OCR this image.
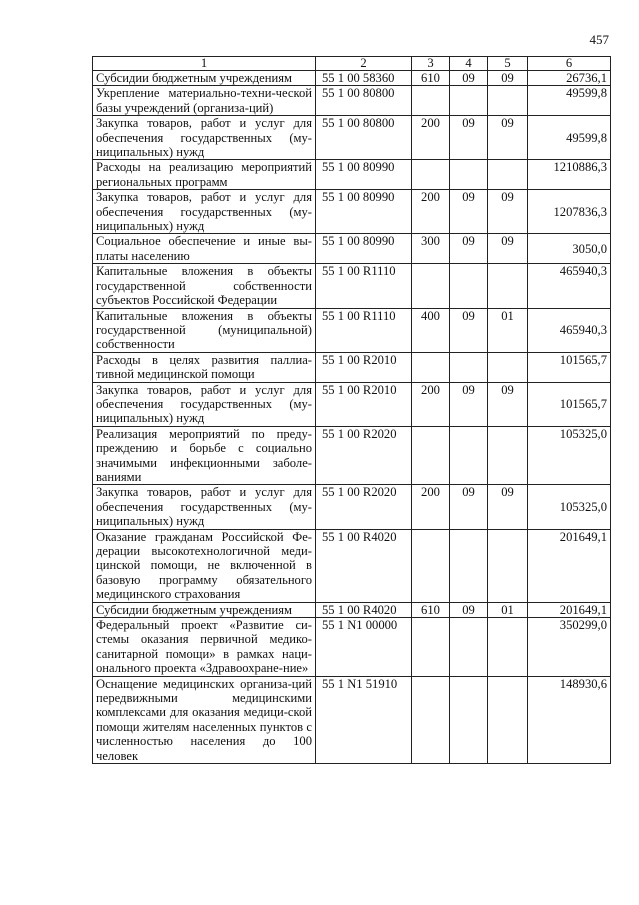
457
1	2	3	4	5	6
Субсидии бюджетным учреждениям	55 1 00 58360	610	09	09	26736,1
Укрепление материально-техни-ческой базы учреждений (организа-ций)	55 1 00 80800				49599,8
Закупка товаров, работ и услуг для обеспечения государственных (му-ниципальных) нужд	55 1 00 80800	200	09	09	49599,8
Расходы на реализацию мероприятий региональных программ	55 1 00 80990				1210886,3
Закупка товаров, работ и услуг для обеспечения государственных (му-ниципальных) нужд	55 1 00 80990	200	09	09	1207836,3
Социальное обеспечение и иные вы-платы населению	55 1 00 80990	300	09	09	3050,0
Капитальные вложения в объекты государственной собственности субъектов Российской Федерации	55 1 00 R1110				465940,3
Капитальные вложения в объекты государственной (муниципальной) собственности	55 1 00 R1110	400	09	01	465940,3
Расходы в целях развития паллиа-тивной медицинской помощи	55 1 00 R2010				101565,7
Закупка товаров, работ и услуг для обеспечения государственных (му-ниципальных) нужд	55 1 00 R2010	200	09	09	101565,7
Реализация мероприятий по преду-преждению и борьбе с социально значимыми инфекционными заболе-ваниями	55 1 00 R2020				105325,0
Закупка товаров, работ и услуг для обеспечения государственных (му-ниципальных) нужд	55 1 00 R2020	200	09	09	105325,0
Оказание гражданам Российской Фе-дерации высокотехнологичной меди-цинской помощи, не включенной в базовую программу обязательного медицинского страхования	55 1 00 R4020				201649,1
Субсидии бюджетным учреждениям	55 1 00 R4020	610	09	01	201649,1
Федеральный проект «Развитие си-стемы оказания первичной медико-санитарной помощи» в рамках наци-онального проекта «Здравоохране-ние»	55 1 N1 00000				350299,0
Оснащение медицинских организа-ций передвижными медицинскими комплексами для оказания медици-ской помощи жителям населенных пунктов с численностью населения до 100 человек	55 1 N1 51910				148930,6
